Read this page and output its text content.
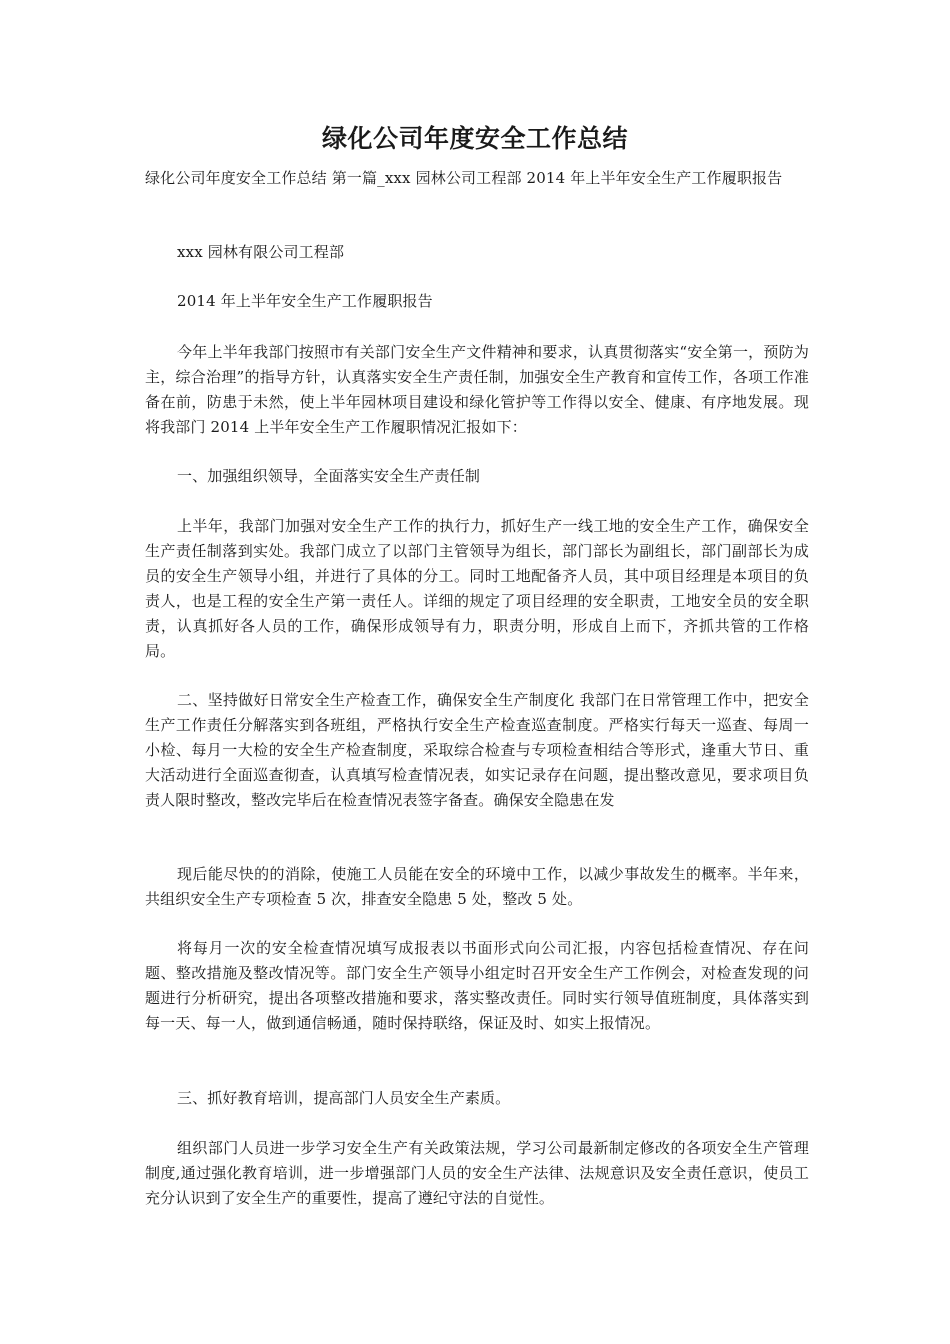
绿化公司年度安全工作总结
绿化公司年度安全工作总结 第一篇_xxx 园林公司工程部 2014 年上半年安全生产工作履职报告
xxx 园林有限公司工程部
2014 年上半年安全生产工作履职报告
今年上半年我部门按照市有关部门安全生产文件精神和要求，认真贯彻落实“安全第一，预防为主，综合治理”的指导方针，认真落实安全生产责任制，加强安全生产教育和宣传工作，各项工作准备在前，防患于未然，使上半年园林项目建设和绿化管护等工作得以安全、健康、有序地发展。现将我部门 2014 上半年安全生产工作履职情况汇报如下：
一、加强组织领导，全面落实安全生产责任制
上半年，我部门加强对安全生产工作的执行力，抓好生产一线工地的安全生产工作，确保安全生产责任制落到实处。我部门成立了以部门主管领导为组长，部门部长为副组长，部门副部长为成员的安全生产领导小组，并进行了具体的分工。同时工地配备齐人员，其中项目经理是本项目的负责人，也是工程的安全生产第一责任人。详细的规定了项目经理的安全职责，工地安全员的安全职责，认真抓好各人员的工作，确保形成领导有力，职责分明，形成自上而下，齐抓共管的工作格局。
二、坚持做好日常安全生产检查工作，确保安全生产制度化 我部门在日常管理工作中，把安全生产工作责任分解落实到各班组，严格执行安全生产检查巡查制度。严格实行每天一巡查、每周一小检、每月一大检的安全生产检查制度，采取综合检查与专项检查相结合等形式，逢重大节日、重大活动进行全面巡查彻查，认真填写检查情况表，如实记录存在问题，提出整改意见，要求项目负责人限时整改，整改完毕后在检查情况表签字备查。确保安全隐患在发
现后能尽快的的消除，使施工人员能在安全的环境中工作，以减少事故发生的概率。半年来，共组织安全生产专项检查 5 次，排查安全隐患 5 处，整改 5 处。
将每月一次的安全检查情况填写成报表以书面形式向公司汇报，内容包括检查情况、存在问题、整改措施及整改情况等。部门安全生产领导小组定时召开安全生产工作例会，对检查发现的问题进行分析研究，提出各项整改措施和要求，落实整改责任。同时实行领导值班制度，具体落实到每一天、每一人，做到通信畅通，随时保持联络，保证及时、如实上报情况。
三、抓好教育培训，提高部门人员安全生产素质。
组织部门人员进一步学习安全生产有关政策法规，学习公司最新制定修改的各项安全生产管理制度,通过强化教育培训，进一步增强部门人员的安全生产法律、法规意识及安全责任意识，使员工充分认识到了安全生产的重要性，提高了遵纪守法的自觉性。
